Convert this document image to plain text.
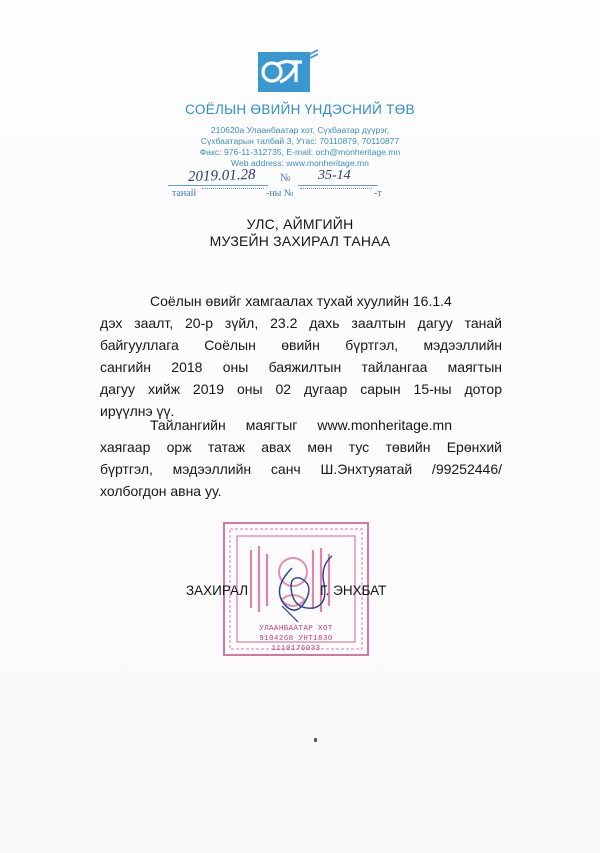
СОЁЛЫН ӨВИЙН ҮНДЭСНИЙ ТӨВ
210620а Улаанбаатар хот, Сүхбаатар дүүрэг,
Сүхбаатарын талбай 3, Утас: 70110879, 70110877
Факс: 976-11-312735, E-mail: och@monheritage.mn
Web address: www.monheritage.mn
2019.01.28 № 35-14
танай	-ны №	-т
УЛС, АЙМГИЙН
МУЗЕЙН ЗАХИРАЛ ТАНАА
Соёлын өвийг хамгаалах тухай хуулийн 16.1.4
дэх заалт, 20-р зүйл, 23.2 дахь заалтын дагуу танай
байгууллага Соёлын өвийн бүртгэл, мэдээллийн
сангийн 2018 оны баяжилтын тайлангаа маягтын
дагуу хийж 2019 оны 02 дугаар сарын 15-ны дотор
ирүүлнэ үү.
Тайлангийн маягтыг www.monheritage.mn
хаягаар орж татаж авах мөн тус төвийн Ерөнхий
бүртгэл, мэдээллийн санч Ш.Энхтуяатай /99252446/
холбогдон авна уу.
УЛААНБААТАР ХОТ
9104268 УНТ1830
1110176033
ЗАХИРАЛ	Г. ЭНХБАТ
